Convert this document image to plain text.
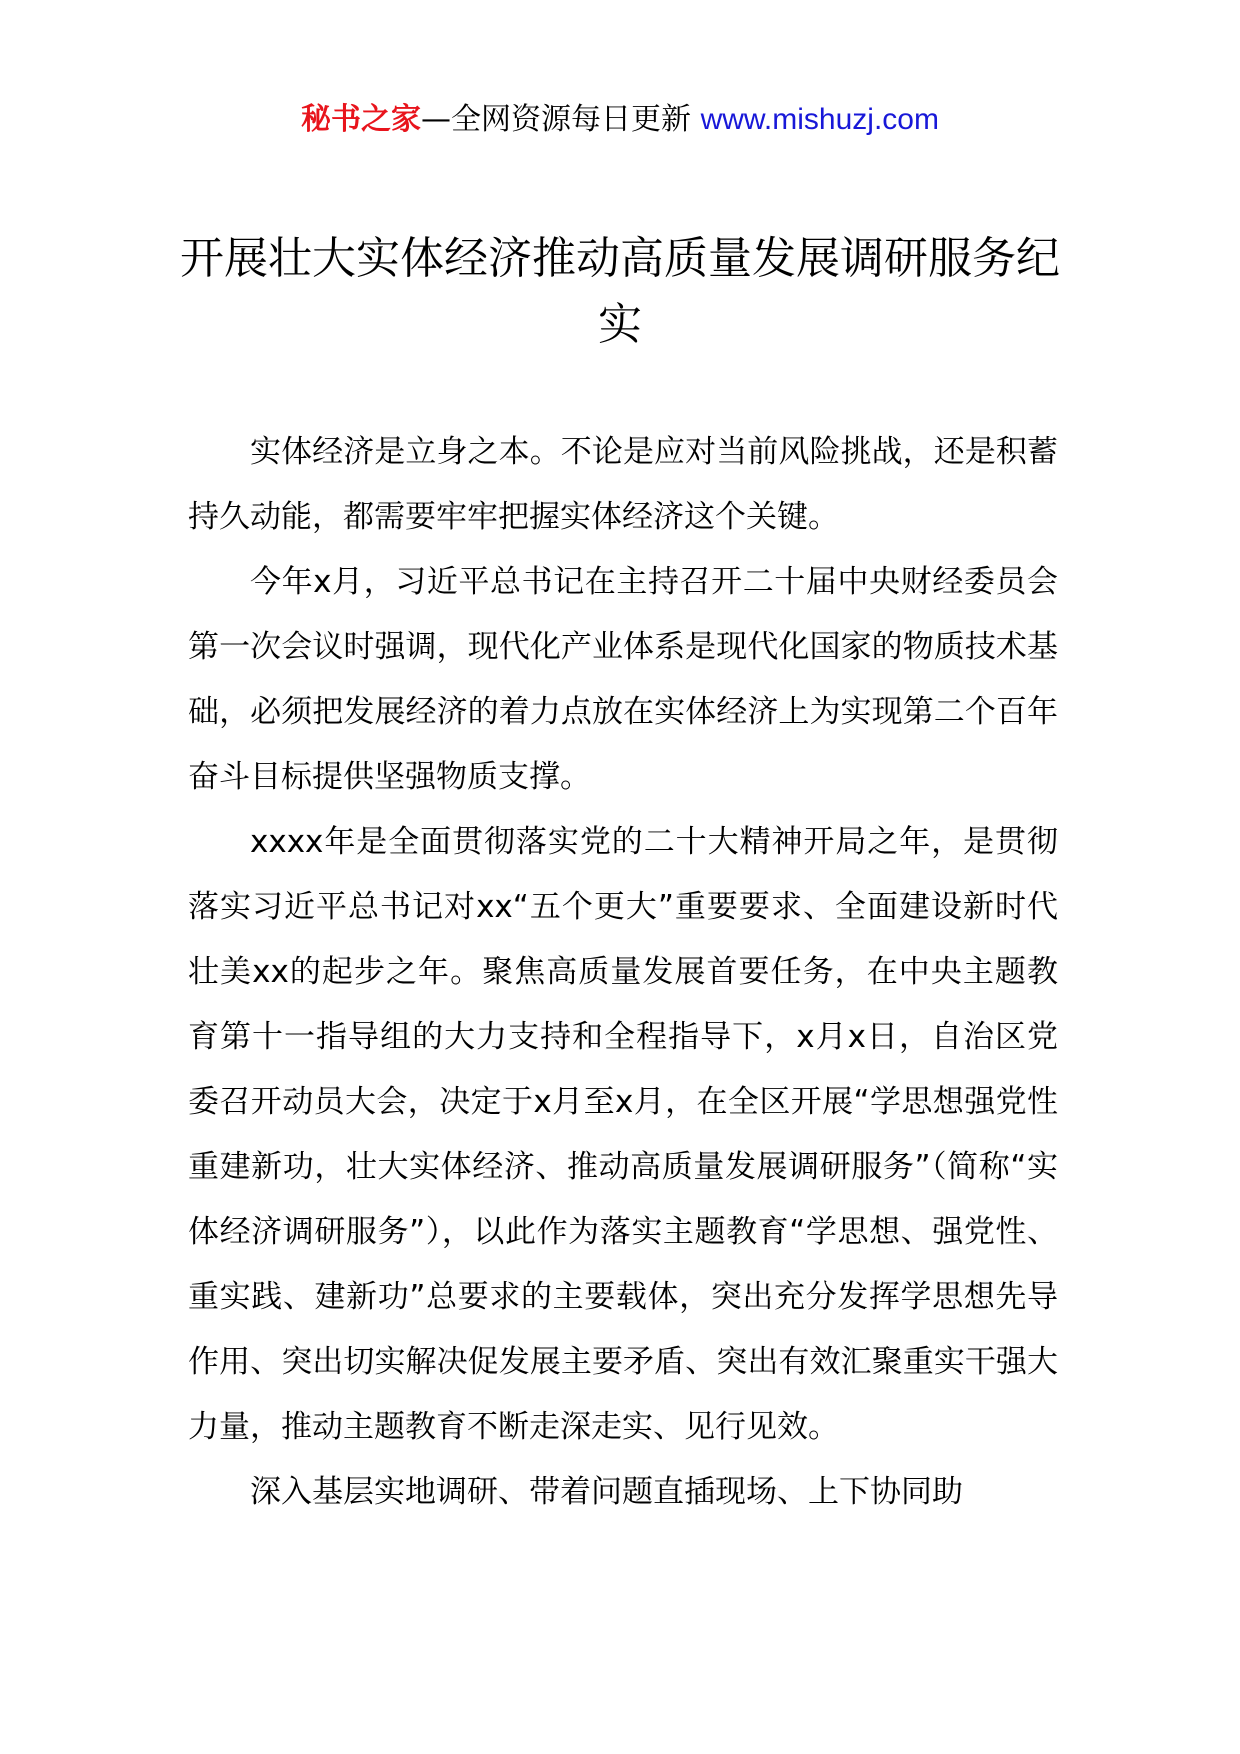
秘书之家—全网资源每日更新 www.mishuzj.com
开展壮大实体经济推动高质量发展调研服务纪实

实体经济是立身之本。不论是应对当前风险挑战，还是积蓄持久动能，都需要牢牢把握实体经济这个关键。

今年x月，习近平总书记在主持召开二十届中央财经委员会第一次会议时强调，现代化产业体系是现代化国家的物质技术基础，必须把发展经济的着力点放在实体经济上为实现第二个百年奋斗目标提供坚强物质支撑。

xxxx年是全面贯彻落实党的二十大精神开局之年，是贯彻落实习近平总书记对xx“五个更大”重要要求、全面建设新时代壮美xx的起步之年。聚焦高质量发展首要任务，在中央主题教育第十一指导组的大力支持和全程指导下，x月x日，自治区党委召开动员大会，决定于x月至x月，在全区开展“学思想强党性重建新功，壮大实体经济、推动高质量发展调研服务”（简称“实体经济调研服务”），以此作为落实主题教育“学思想、强党性、重实践、建新功”总要求的主要载体，突出充分发挥学思想先导作用、突出切实解决促发展主要矛盾、突出有效汇聚重实干强大力量，推动主题教育不断走深走实、见行见效。

深入基层实地调研、带着问题直插现场、上下协同助
